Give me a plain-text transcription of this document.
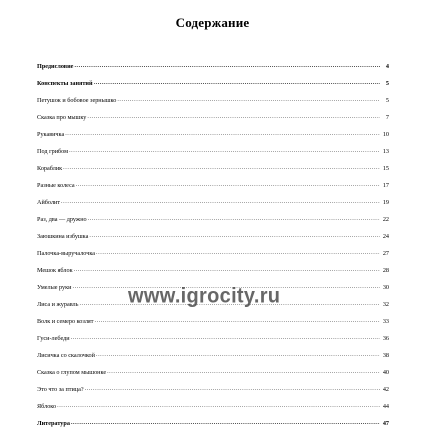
Содержание
Предисловие .....	4
Конспекты занятий .....	5
Петушок и бобовое зернышко .....	5
Сказка про мышку .....	7
Рукавичка .....	10
Под грибом .....	13
Кораблик .....	15
Разные колеса .....	17
Айболит .....	19
Раз, два — дружно .....	22
Заюшкина избушка .....	24
Палочка-выручалочка .....	27
Мешок яблок .....	28
Умелые руки .....	30
Лиса и журавль .....	32
Волк и семеро козлят .....	33
Гуси-лебеди .....	36
Лисичка со скалочкой .....	38
Сказка о глупом мышонке .....	40
Это что за птица? .....	42
Яблоко .....	44
Литература .....	47
www.igrocity.ru
